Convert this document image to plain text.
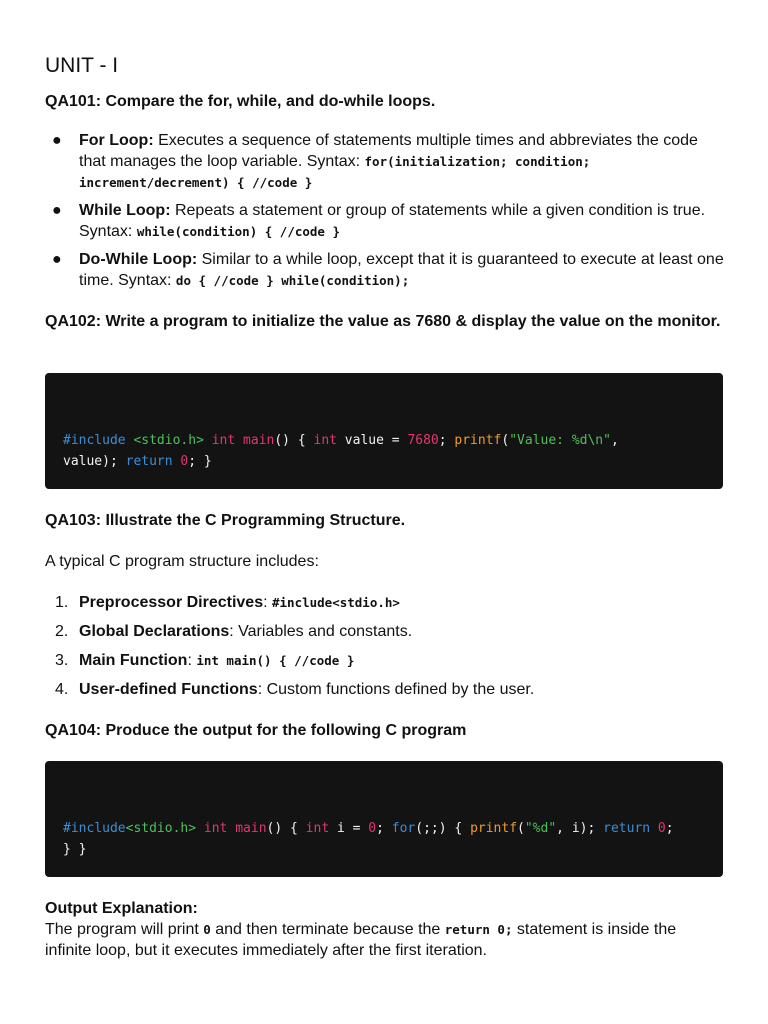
UNIT - I
QA101: Compare the for, while, and do-while loops.
● For Loop: Executes a sequence of statements multiple times and abbreviates the code that manages the loop variable. Syntax: for(initialization; condition; increment/decrement) { //code }
● While Loop: Repeats a statement or group of statements while a given condition is true. Syntax: while(condition) { //code }
● Do-While Loop: Similar to a while loop, except that it is guaranteed to execute at least one time. Syntax: do { //code } while(condition);
QA102: Write a program to initialize the value as 7680 & display the value on the monitor.
#include <stdio.h> int main() { int value = 7680; printf("Value: %d\n",
value); return 0; }
QA103: Illustrate the C Programming Structure.
A typical C program structure includes:
1. Preprocessor Directives: #include<stdio.h>
2. Global Declarations: Variables and constants.
3. Main Function: int main() { //code }
4. User-defined Functions: Custom functions defined by the user.
QA104: Produce the output for the following C program
#include<stdio.h> int main() { int i = 0; for(;;) { printf("%d", i); return 0;
} }
Output Explanation:
The program will print 0 and then terminate because the return 0; statement is inside the infinite loop, but it executes immediately after the first iteration.
